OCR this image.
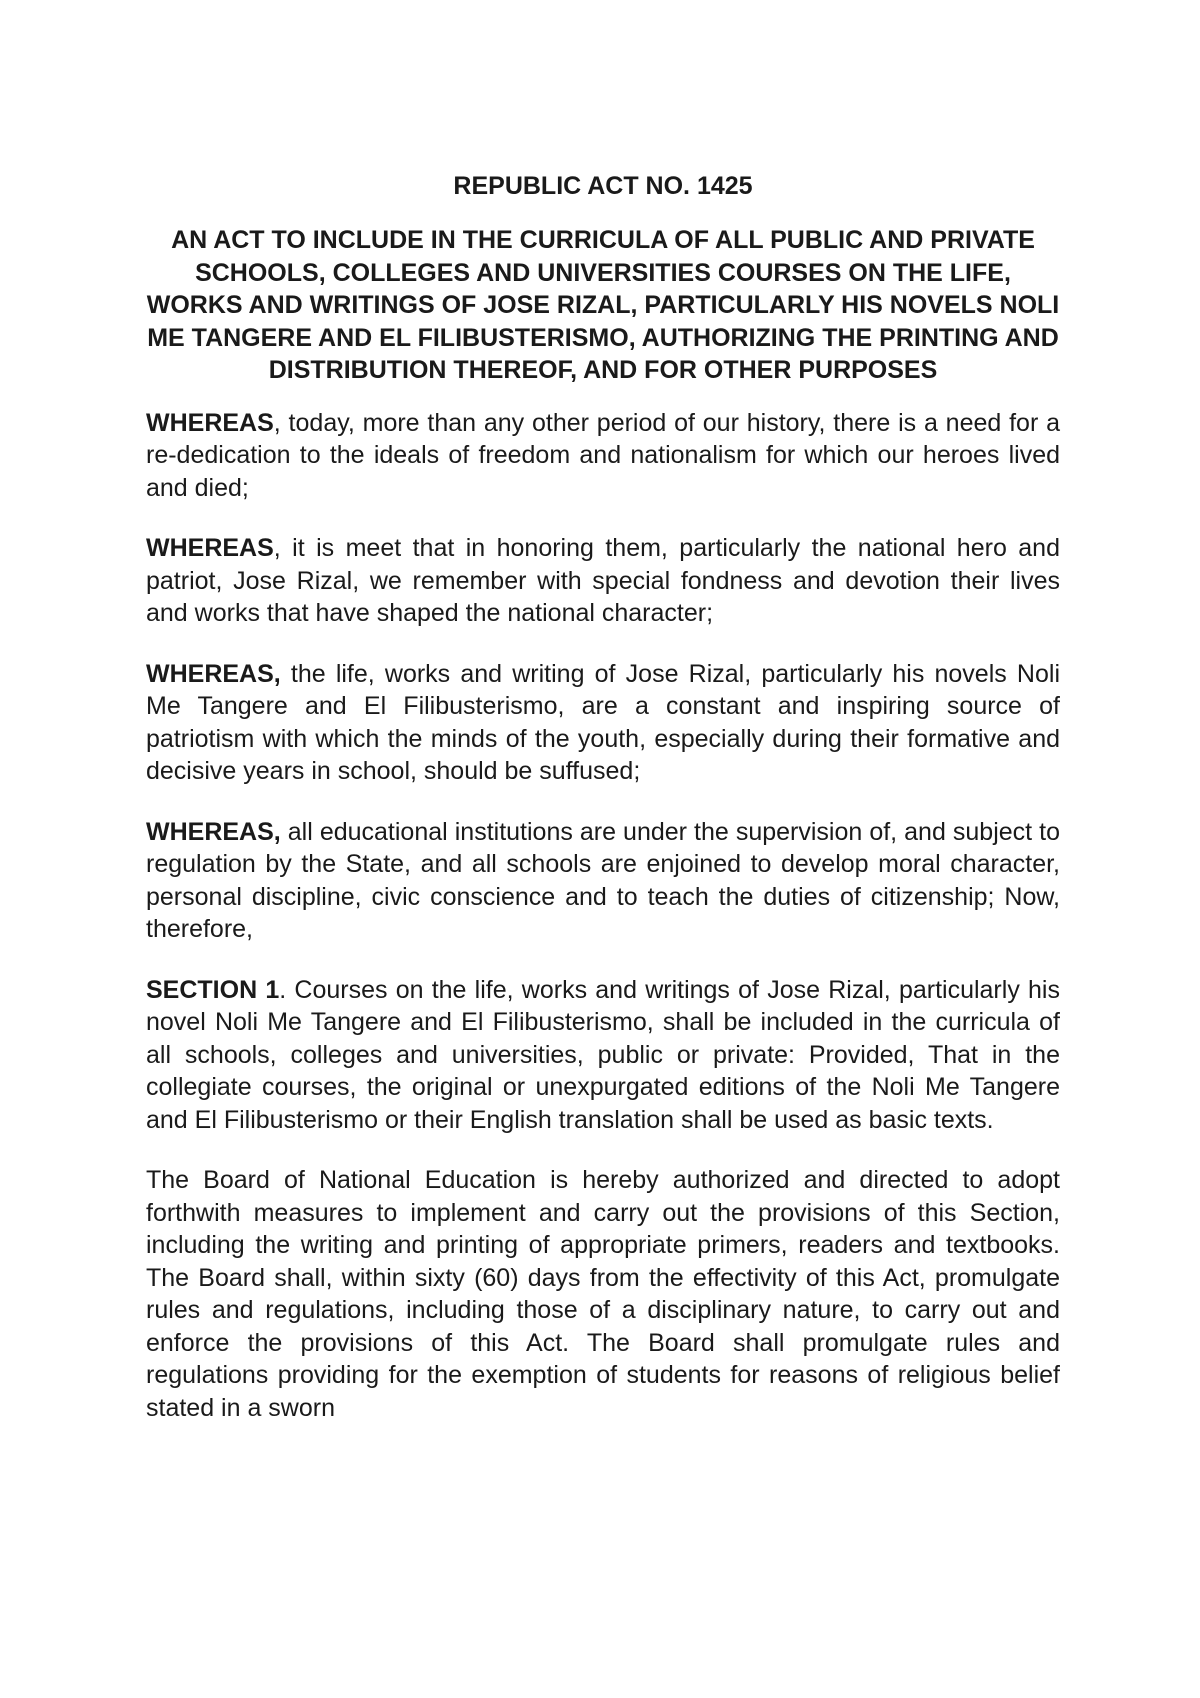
REPUBLIC ACT NO. 1425
AN ACT TO INCLUDE IN THE CURRICULA OF ALL PUBLIC AND PRIVATE SCHOOLS, COLLEGES AND UNIVERSITIES COURSES ON THE LIFE, WORKS AND WRITINGS OF JOSE RIZAL, PARTICULARLY HIS NOVELS NOLI ME TANGERE AND EL FILIBUSTERISMO, AUTHORIZING THE PRINTING AND DISTRIBUTION THEREOF, AND FOR OTHER PURPOSES

WHEREAS, today, more than any other period of our history, there is a need for a re-dedication to the ideals of freedom and nationalism for which our heroes lived and died;

WHEREAS, it is meet that in honoring them, particularly the national hero and patriot, Jose Rizal, we remember with special fondness and devotion their lives and works that have shaped the national character;

WHEREAS, the life, works and writing of Jose Rizal, particularly his novels Noli Me Tangere and El Filibusterismo, are a constant and inspiring source of patriotism with which the minds of the youth, especially during their formative and decisive years in school, should be suffused;

WHEREAS, all educational institutions are under the supervision of, and subject to regulation by the State, and all schools are enjoined to develop moral character, personal discipline, civic conscience and to teach the duties of citizenship; Now, therefore,

SECTION 1. Courses on the life, works and writings of Jose Rizal, particularly his novel Noli Me Tangere and El Filibusterismo, shall be included in the curricula of all schools, colleges and universities, public or private: Provided, That in the collegiate courses, the original or unexpurgated editions of the Noli Me Tangere and El Filibusterismo or their English translation shall be used as basic texts.

The Board of National Education is hereby authorized and directed to adopt forthwith measures to implement and carry out the provisions of this Section, including the writing and printing of appropriate primers, readers and textbooks. The Board shall, within sixty (60) days from the effectivity of this Act, promulgate rules and regulations, including those of a disciplinary nature, to carry out and enforce the provisions of this Act. The Board shall promulgate rules and regulations providing for the exemption of students for reasons of religious belief stated in a sworn
